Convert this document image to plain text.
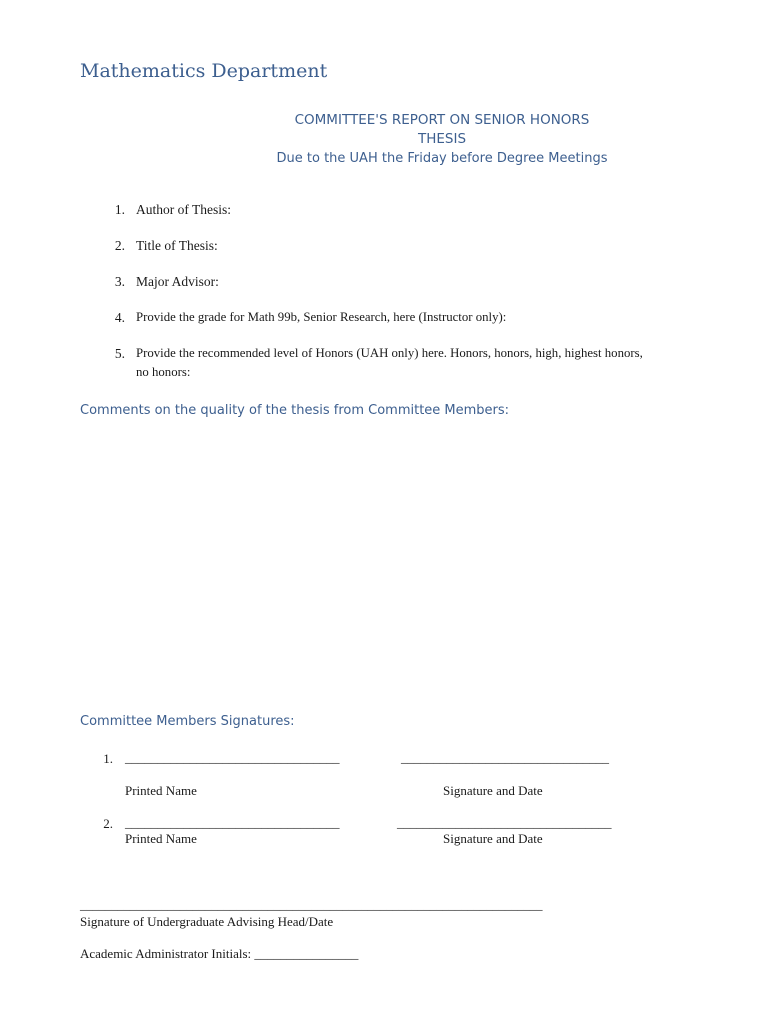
Mathematics Department
COMMITTEE'S REPORT ON SENIOR HONORS
THESIS
Due to the UAH the Friday before Degree Meetings
1. Author of Thesis:
2. Title of Thesis:
3. Major Advisor:
4. Provide the grade for Math 99b, Senior Research, here (Instructor only):
5. Provide the recommended level of Honors (UAH only) here. Honors, honors, high, highest honors,
no honors:
Comments on the quality of the thesis from Committee Members:
Committee Members Signatures:
1. _________________________________	________________________________
Printed Name	Signature and Date
2. _________________________________	_________________________________
Printed Name	Signature and Date
__________________________________________________________________________
Signature of Undergraduate Advising Head/Date
Academic Administrator Initials: ________________
